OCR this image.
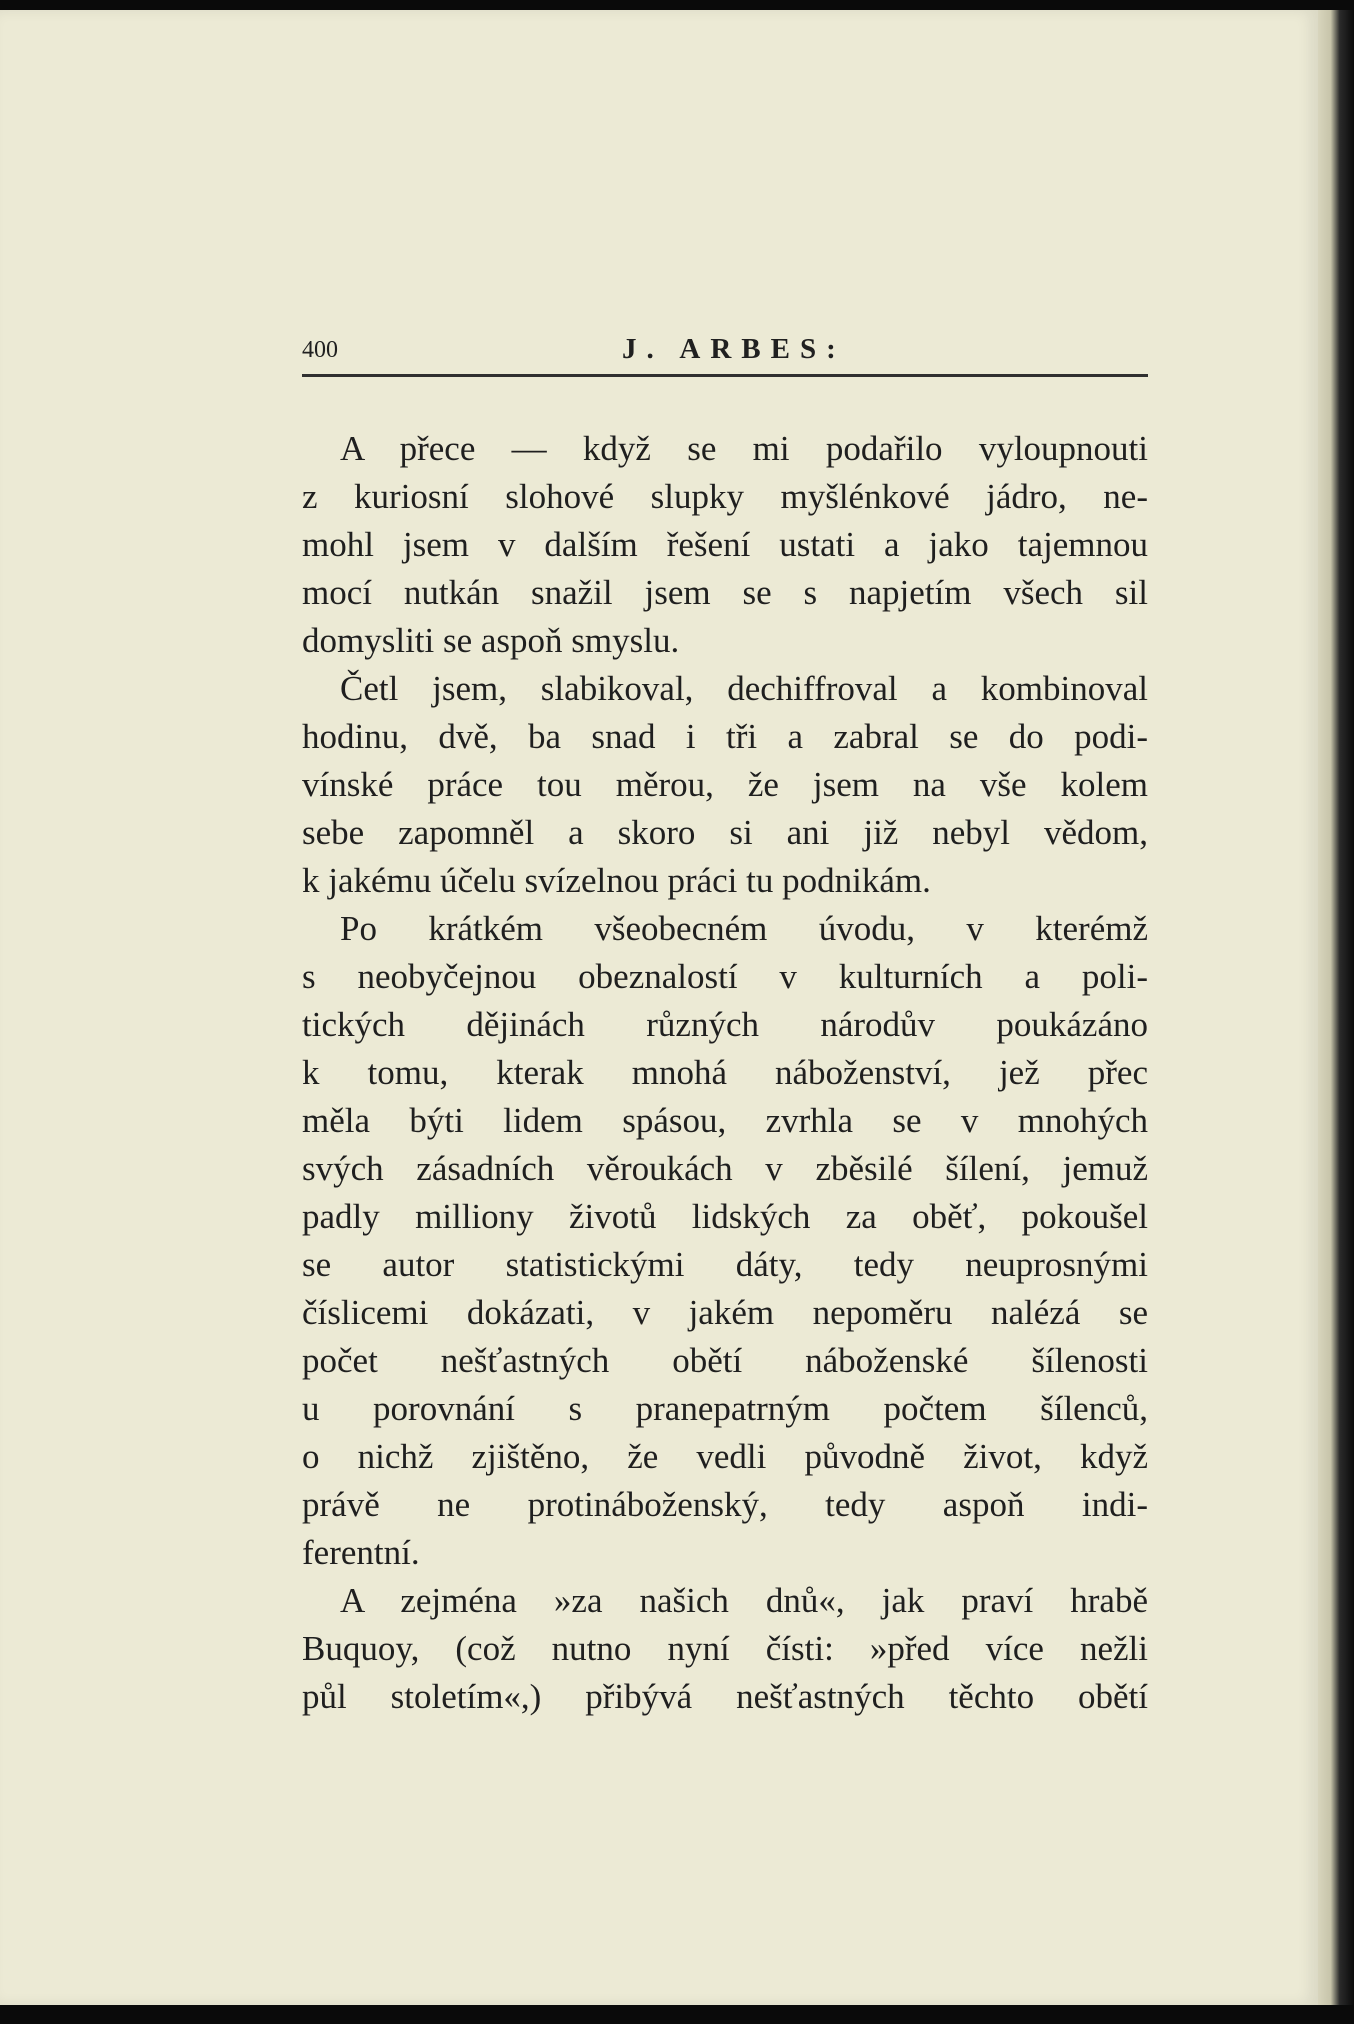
400	J. ARBES:
A přece — když se mi podařilo vyloupnouti
z kuriosní slohové slupky myšlénkové jádro, ne-
mohl jsem v dalším řešení ustati a jako tajemnou
mocí nutkán snažil jsem se s napjetím všech sil
domysliti se aspoň smyslu.
Četl jsem, slabikoval, dechiffroval a kombinoval
hodinu, dvě, ba snad i tři a zabral se do podi-
vínské práce tou měrou, že jsem na vše kolem
sebe zapomněl a skoro si ani již nebyl vědom,
k jakému účelu svízelnou práci tu podnikám.
Po krátkém všeobecném úvodu, v kterémž
s neobyčejnou obeznalostí v kulturních a poli-
tických dějinách různých národův poukázáno
k tomu, kterak mnohá náboženství, jež přec
měla býti lidem spásou, zvrhla se v mnohých
svých zásadních věroukách v zběsilé šílení, jemuž
padly milliony životů lidských za oběť, pokoušel
se autor statistickými dáty, tedy neuprosnými
číslicemi dokázati, v jakém nepoměru nalézá se
počet nešťastných obětí náboženské šílenosti
u porovnání s pranepatrným počtem šílenců,
o nichž zjištěno, že vedli původně život, když
právě ne protináboženský, tedy aspoň indi-
ferentní.
A zejména »za našich dnů«, jak praví hrabě
Buquoy, (což nutno nyní čísti: »před více nežli
půl stoletím«,) přibývá nešťastných těchto obětí
